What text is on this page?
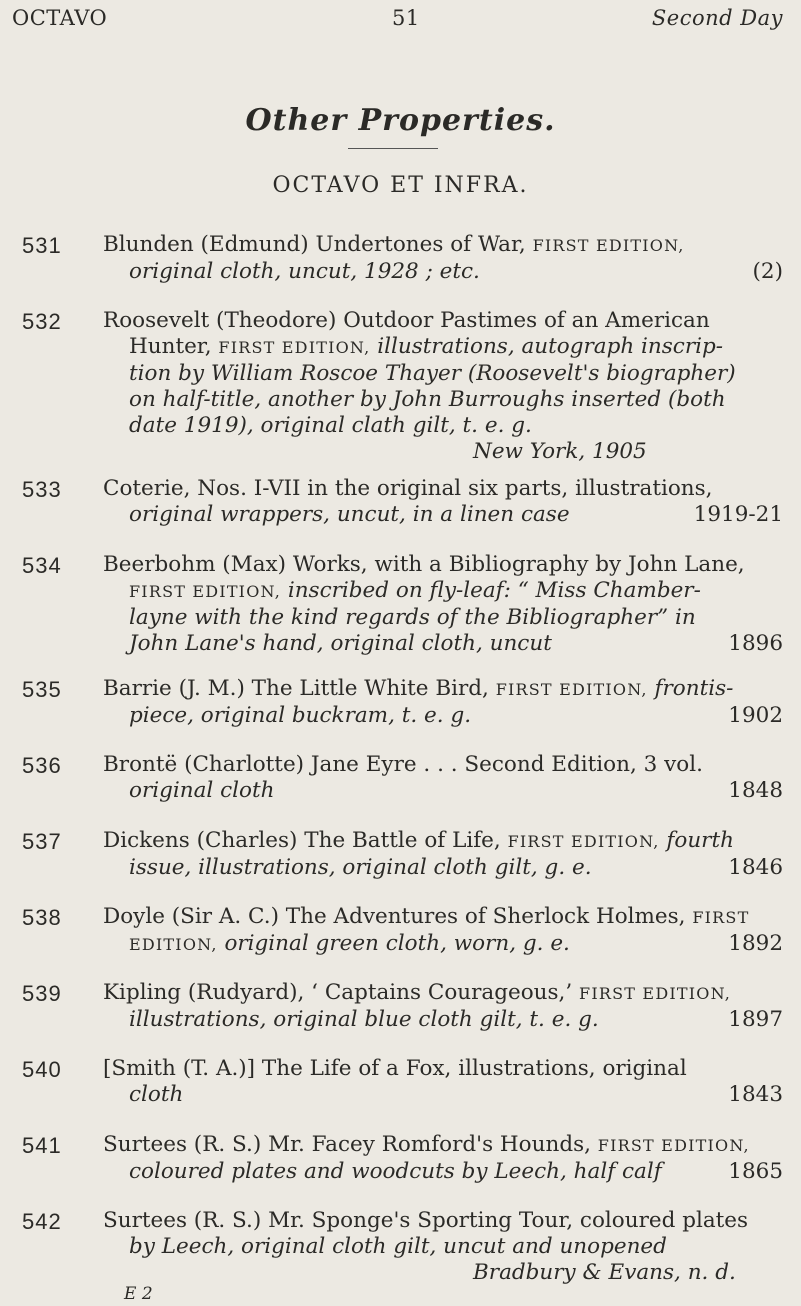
OCTAVO	51	Second Day
Other Properties.
OCTAVO ET INFRA.
531	Blunden (Edmund) Undertones of War, FIRST EDITION,
original cloth, uncut, 1928 ; etc.	(2)
532	Roosevelt (Theodore) Outdoor Pastimes of an American
Hunter, FIRST EDITION, illustrations, autograph inscrip-
tion by William Roscoe Thayer (Roosevelt's biographer)
on half-title, another by John Burroughs inserted (both
date 1919), original clath gilt, t. e. g.
New York, 1905
533	Coterie, Nos. I-VII in the original six parts, illustrations,
original wrappers, uncut, in a linen case	1919-21
534	Beerbohm (Max) Works, with a Bibliography by John Lane,
FIRST EDITION, inscribed on fly-leaf: “ Miss Chamber-
layne with the kind regards of the Bibliographer” in
John Lane's hand, original cloth, uncut	1896
535	Barrie (J. M.) The Little White Bird, FIRST EDITION, frontis-
piece, original buckram, t. e. g.	1902
536	Brontë (Charlotte) Jane Eyre . . . Second Edition, 3 vol.
original cloth	1848
537	Dickens (Charles) The Battle of Life, FIRST EDITION, fourth
issue, illustrations, original cloth gilt, g. e.	1846
538	Doyle (Sir A. C.) The Adventures of Sherlock Holmes, FIRST
EDITION, original green cloth, worn, g. e.	1892
539	Kipling (Rudyard), ‘ Captains Courageous,’ FIRST EDITION,
illustrations, original blue cloth gilt, t. e. g.	1897
540	[Smith (T. A.)] The Life of a Fox, illustrations, original
cloth	1843
541	Surtees (R. S.) Mr. Facey Romford's Hounds, FIRST EDITION,
coloured plates and woodcuts by Leech, half calf	1865
542	Surtees (R. S.) Mr. Sponge's Sporting Tour, coloured plates
by Leech, original cloth gilt, uncut and unopened
Bradbury & Evans, n. d.
E 2
